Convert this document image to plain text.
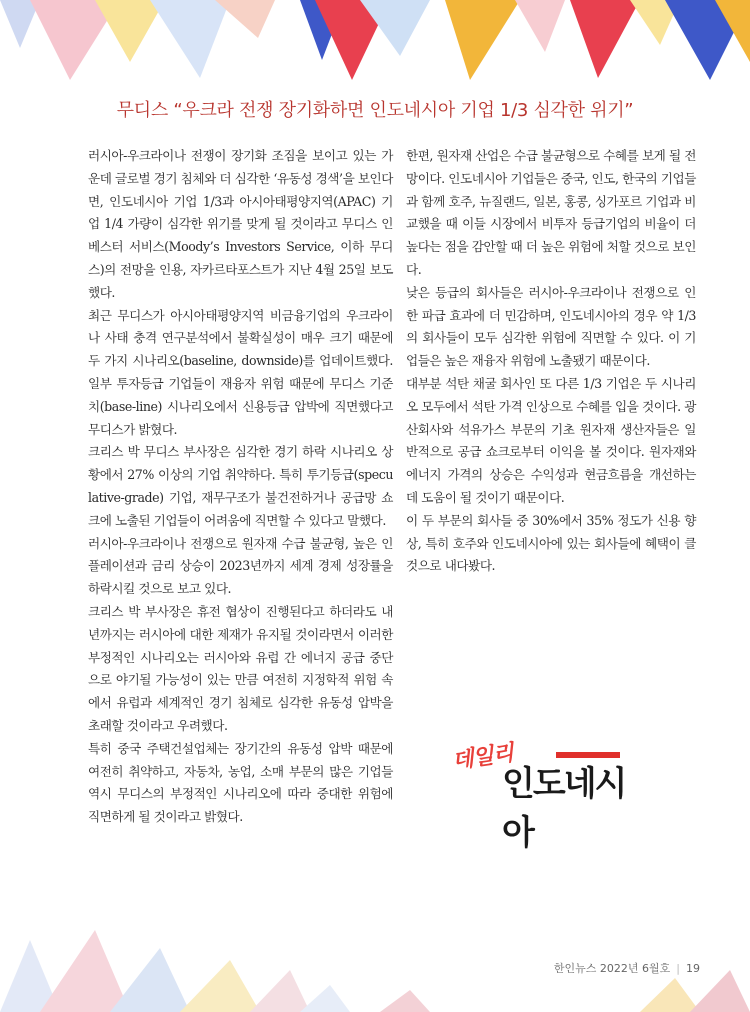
무디스 “우크라 전쟁 장기화하면 인도네시아 기업 1/3 심각한 위기”

러시아-우크라이나 전쟁이 장기화 조짐을 보이고 있는 가운데 글로벌 경기 침체와 더 심각한 ‘유동성 경색’을 보인다면, 인도네시아 기업 1/3과 아시아태평양지역(APAC) 기업 1/4 가량이 심각한 위기를 맞게 될 것이라고 무디스 인베스터 서비스(Moody’s Investors Service, 이하 무디스)의 전망을 인용, 자카르타포스트가 지난 4월 25일 보도했다.

최근 무디스가 아시아태평양지역 비금융기업의 우크라이나 사태 충격 연구분석에서 불확실성이 매우 크기 때문에 두 가지 시나리오(baseline, downside)를 업데이트했다. 일부 투자등급 기업들이 재융자 위험 때문에 무디스 기준치(base-line) 시나리오에서 신용등급 압박에 직면했다고 무디스가 밝혔다.

크리스 박 무디스 부사장은 심각한 경기 하락 시나리오 상황에서 27% 이상의 기업 취약하다. 특히 투기등급(speculative-grade) 기업, 재무구조가 불건전하거나 공급망 쇼크에 노출된 기업들이 어려움에 직면할 수 있다고 말했다.

러시아-우크라이나 전쟁으로 원자재 수급 불균형, 높은 인플레이션과 금리 상승이 2023년까지 세계 경제 성장률을 하락시킬 것으로 보고 있다.

크리스 박 부사장은 휴전 협상이 진행된다고 하더라도 내년까지는 러시아에 대한 제재가 유지될 것이라면서 이러한 부정적인 시나리오는 러시아와 유럽 간 에너지 공급 중단으로 야기될 가능성이 있는 만큼 여전히 지정학적 위험 속에서 유럽과 세계적인 경기 침체로 심각한 유동성 압박을 초래할 것이라고 우려했다.

특히 중국 주택건설업체는 장기간의 유동성 압박 때문에 여전히 취약하고, 자동차, 농업, 소매 부문의 많은 기업들 역시 무디스의 부정적인 시나리오에 따라 중대한 위험에 직면하게 될 것이라고 밝혔다.

한편, 원자재 산업은 수급 불균형으로 수혜를 보게 될 전망이다. 인도네시아 기업들은 중국, 인도, 한국의 기업들과 함께 호주, 뉴질랜드, 일본, 홍콩, 싱가포르 기업과 비교했을 때 이들 시장에서 비투자 등급기업의 비율이 더 높다는 점을 감안할 때 더 높은 위험에 처할 것으로 보인다.

낮은 등급의 회사들은 러시아-우크라이나 전쟁으로 인한 파급 효과에 더 민감하며, 인도네시아의 경우 약 1/3의 회사들이 모두 심각한 위험에 직면할 수 있다. 이 기업들은 높은 재융자 위험에 노출됐기 때문이다.

대부분 석탄 채굴 회사인 또 다른 1/3 기업은 두 시나리오 모두에서 석탄 가격 인상으로 수혜를 입을 것이다. 광산회사와 석유가스 부문의 기초 원자재 생산자들은 일반적으로 공급 쇼크로부터 이익을 볼 것이다. 원자재와 에너지 가격의 상승은 수익성과 현금흐름을 개선하는 데 도움이 될 것이기 때문이다.

이 두 부문의 회사들 중 30%에서 35% 정도가 신용 향상, 특히 호주와 인도네시아에 있는 회사들에 혜택이 클 것으로 내다봤다.

데일리
인도네시아
한인뉴스 2022년 6월호 | 19
